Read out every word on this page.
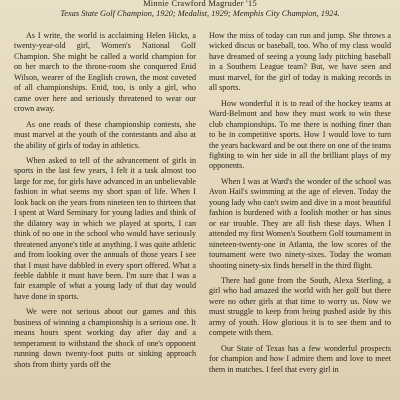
Minnie Crawford Magruder '15
Texas State Golf Champion, 1920; Medalist, 1929; Memphis City Champion, 1924.

As I write, the world is acclaiming Helen Hicks, a twenty-year-old girl, Women's National Golf Champion. She might be called a world champion for on her march to the throne-room she conquered Enid Wilson, wearer of the English crown, the most coveted of all championships. Enid, too, is only a girl, who came over here and seriously threatened to wear our crown away.

As one reads of these championship contests, she must marvel at the youth of the contestants and also at the ability of girls of today in athletics.

When asked to tell of the advancement of girls in sports in the last few years, I felt it a task almost too large for me, for girls have advanced in an unbelievable fashion in what seems my short span of life. When I look back on the years from nineteen ten to thirteen that I spent at Ward Seminary for young ladies and think of the dilatory way in which we played at sports, I can think of no one in the school who would have seriously threatened anyone's title at anything. I was quite athletic and from looking over the annuals of those years I see that I must have dabbled in every sport offered. What a feeble dabble it must have been. I'm sure that I was a fair example of what a young lady of that day would have done in sports.

We were not serious about our games and this business of winning a championship is a serious one. It means hours spent working day after day and a temperament to withstand the shock of one's opponent running down twenty-foot putts or sinking approach shots from thirty yards off the

How the miss of today can run and jump. She throws a wicked discus or baseball, too. Who of my class would have dreamed of seeing a young lady pitching baseball in a Southern League team? But, we have seen and must marvel, for the girl of today is making records in all sports.

How wonderful it is to read of the hockey teams at Ward-Belmont and how they must work to win these club championships. To me there is nothing finer than to be in competitive sports. How I would love to turn the years backward and be out there on one of the teams fighting to win her side in all the brilliant plays of my opponents.

When I was at Ward's the wonder of the school was Avon Hail's swimming at the age of eleven. Today the young lady who can't swim and dive in a most beautiful fashion is burdened with a foolish mother or has sinus or ear trouble. They are all fish these days. When I attended my first Women's Southern Golf tournament in nineteen-twenty-one in Atlanta, the low scores of the tournament were two ninety-sixes. Today the woman shooting ninety-six finds herself in the third flight.

There had gone from the South, Alexa Sterling, a girl who had amazed the world with her golf but there were no other girls at that time to worry us. Now we must struggle to keep from being pushed aside by this army of youth. How glorious it is to see them and to compete with them.

Our State of Texas has a few wonderful prospects for champion and how I admire them and love to meet them in matches. I feel that every girl in
